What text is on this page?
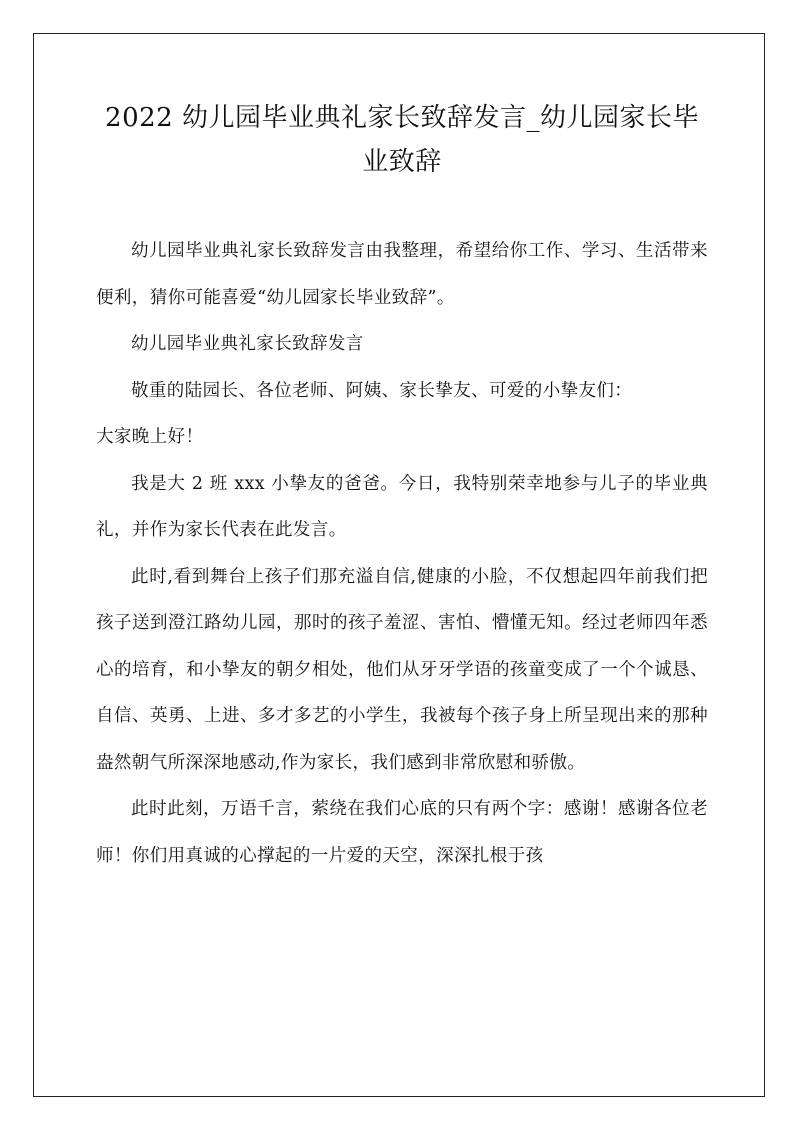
2022 幼儿园毕业典礼家长致辞发言_幼儿园家长毕业致辞

幼儿园毕业典礼家长致辞发言由我整理，希望给你工作、学习、生活带来便利，猜你可能喜爱“幼儿园家长毕业致辞”。

幼儿园毕业典礼家长致辞发言

敬重的陆园长、各位老师、阿姨、家长挚友、可爱的小挚友们：

大家晚上好！

我是大 2 班 xxx 小挚友的爸爸。今日，我特别荣幸地参与儿子的毕业典礼，并作为家长代表在此发言。

此时,看到舞台上孩子们那充溢自信,健康的小脸，不仅想起四年前我们把孩子送到澄江路幼儿园，那时的孩子羞涩、害怕、懵懂无知。经过老师四年悉心的培育，和小挚友的朝夕相处，他们从牙牙学语的孩童变成了一个个诚恳、自信、英勇、上进、多才多艺的小学生，我被每个孩子身上所呈现出来的那种盎然朝气所深深地感动,作为家长，我们感到非常欣慰和骄傲。

此时此刻，万语千言，萦绕在我们心底的只有两个字：感谢！感谢各位老师！你们用真诚的心撑起的一片爱的天空，深深扎根于孩
